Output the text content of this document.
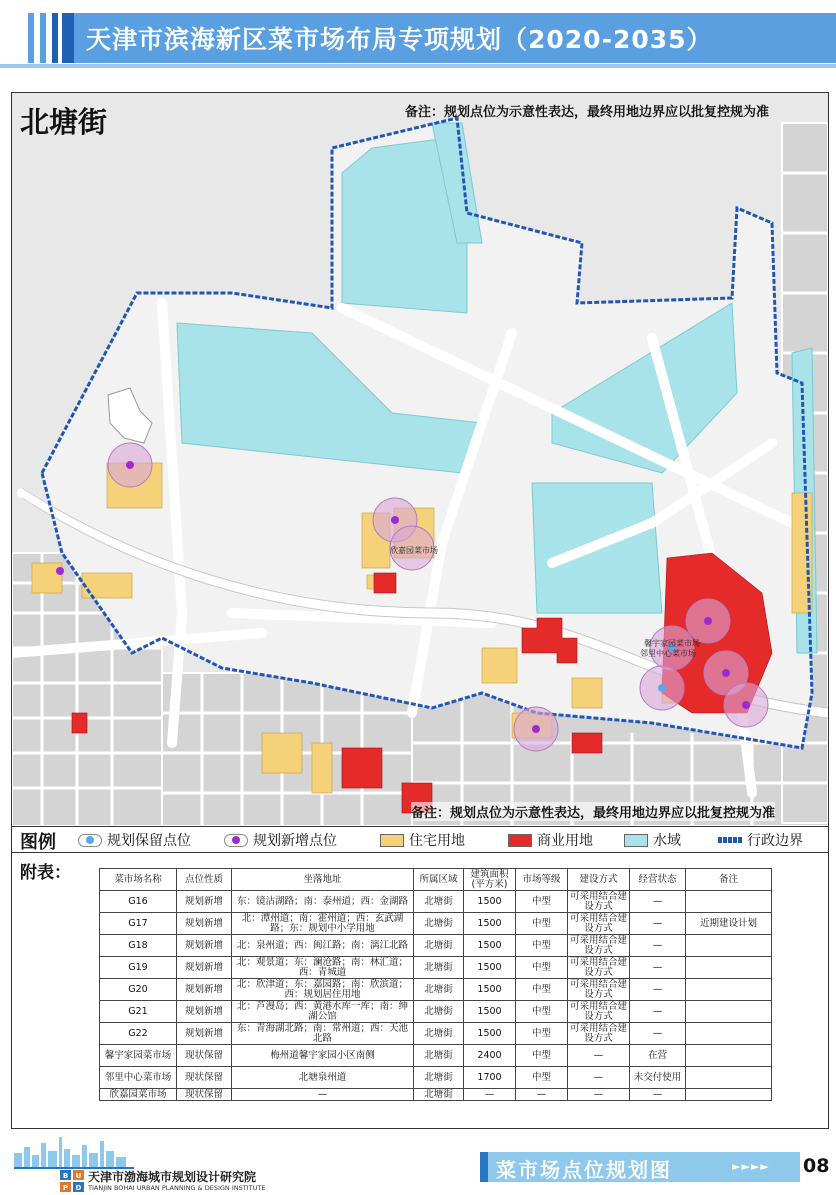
天津市滨海新区菜市场布局专项规划（2020-2035）
欣嘉园菜市场
馨宇家园菜市场
邻里中心菜市场
北塘街	备注：规划点位为示意性表达，最终用地边界应以批复控规为准
备注：规划点位为示意性表达，最终用地边界应以批复控规为准
图例	规划保留点位	规划新增点位	住宅用地	商业用地	水域	行政边界
附表：	菜市场名称	点位性质	坐落地址	所属区域	建筑面积(平方米)	市场等级	建设方式	经营状态	备注
G16	规划新增	东：镜沽湖路；南：泰州道；西：金湖路	北塘街	1500	中型	可采用结合建设方式	—	
G17	规划新增	北：潭州道；南：霍州道；西：玄武湖路；东：规划中小学用地	北塘街	1500	中型	可采用结合建设方式	—	近期建设计划
G18	规划新增	北：泉州道；西：闽江路；南：漓江北路	北塘街	1500	中型	可采用结合建设方式	—	
G19	规划新增	北：观景道；东：澜沧路；南：林汇道；西：青城道	北塘街	1500	中型	可采用结合建设方式	—	
G20	规划新增	北：欣津道；东：嘉园路；南：欣滨道；西：规划居住用地	北塘街	1500	中型	可采用结合建设方式	—	
G21	规划新增	北：芦漫岛；西：黄港水库一库；南：绅湖公馆	北塘街	1500	中型	可采用结合建设方式	—	
G22	规划新增	东：青海湖北路；南：常州道；西：天池北路	北塘街	1500	中型	可采用结合建设方式	—	
馨宇家园菜市场	现状保留	梅州道馨宇家园小区南侧	北塘街	2400	中型	—	在营	
邻里中心菜市场	现状保留	北塘泉州道	北塘街	1700	中型	—	未交付使用	
欣嘉园菜市场	现状保留	—	北塘街	—	—	—	—	
B U
P D
天津市渤海城市规划设计研究院
TIANJIN BOHAI URBAN PLANNING & DESIGN INSTITUTE
菜市场点位规划图	►►►► 08
